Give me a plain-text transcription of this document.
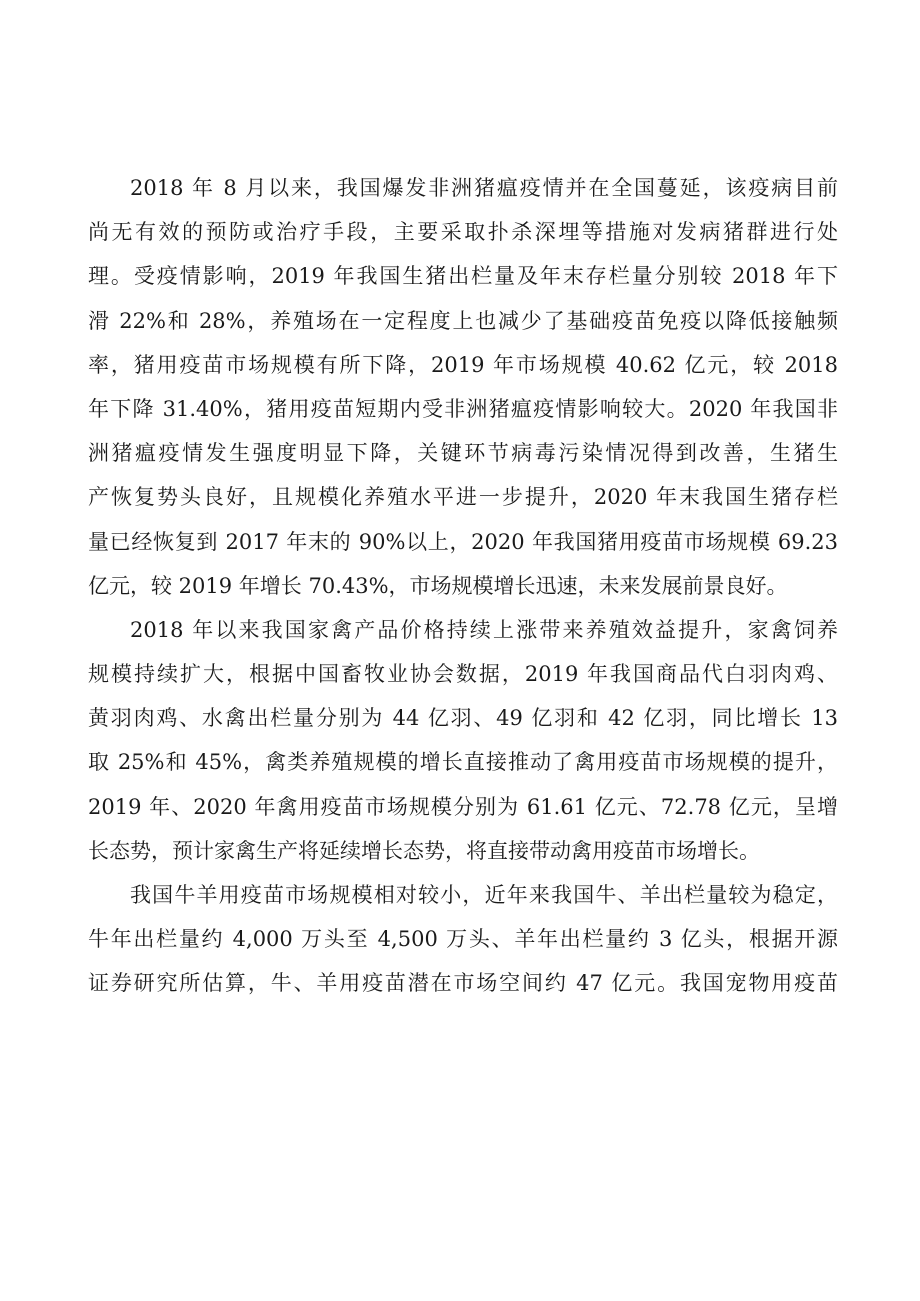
2018 年 8 月以来，我国爆发非洲猪瘟疫情并在全国蔓延，该疫病目前
尚无有效的预防或治疗手段，主要采取扑杀深埋等措施对发病猪群进行处
理。受疫情影响，2019 年我国生猪出栏量及年末存栏量分别较 2018 年下
滑 22%和 28%，养殖场在一定程度上也减少了基础疫苗免疫以降低接触频
率，猪用疫苗市场规模有所下降，2019 年市场规模 40.62 亿元，较 2018
年下降 31.40%，猪用疫苗短期内受非洲猪瘟疫情影响较大。2020 年我国非
洲猪瘟疫情发生强度明显下降，关键环节病毒污染情况得到改善，生猪生
产恢复势头良好，且规模化养殖水平进一步提升，2020 年末我国生猪存栏
量已经恢复到 2017 年末的 90%以上，2020 年我国猪用疫苗市场规模 69.23
亿元，较 2019 年增长 70.43%，市场规模增长迅速，未来发展前景良好。
2018 年以来我国家禽产品价格持续上涨带来养殖效益提升，家禽饲养
规模持续扩大，根据中国畜牧业协会数据，2019 年我国商品代白羽肉鸡、
黄羽肉鸡、水禽出栏量分别为 44 亿羽、49 亿羽和 42 亿羽，同比增长 13
取 25%和 45%，禽类养殖规模的增长直接推动了禽用疫苗市场规模的提升，
2019 年、2020 年禽用疫苗市场规模分别为 61.61 亿元、72.78 亿元，呈增
长态势，预计家禽生产将延续增长态势，将直接带动禽用疫苗市场增长。
我国牛羊用疫苗市场规模相对较小，近年来我国牛、羊出栏量较为稳定，
牛年出栏量约 4,000 万头至 4,500 万头、羊年出栏量约 3 亿头，根据开源
证券研究所估算，牛、羊用疫苗潜在市场空间约 47 亿元。我国宠物用疫苗
